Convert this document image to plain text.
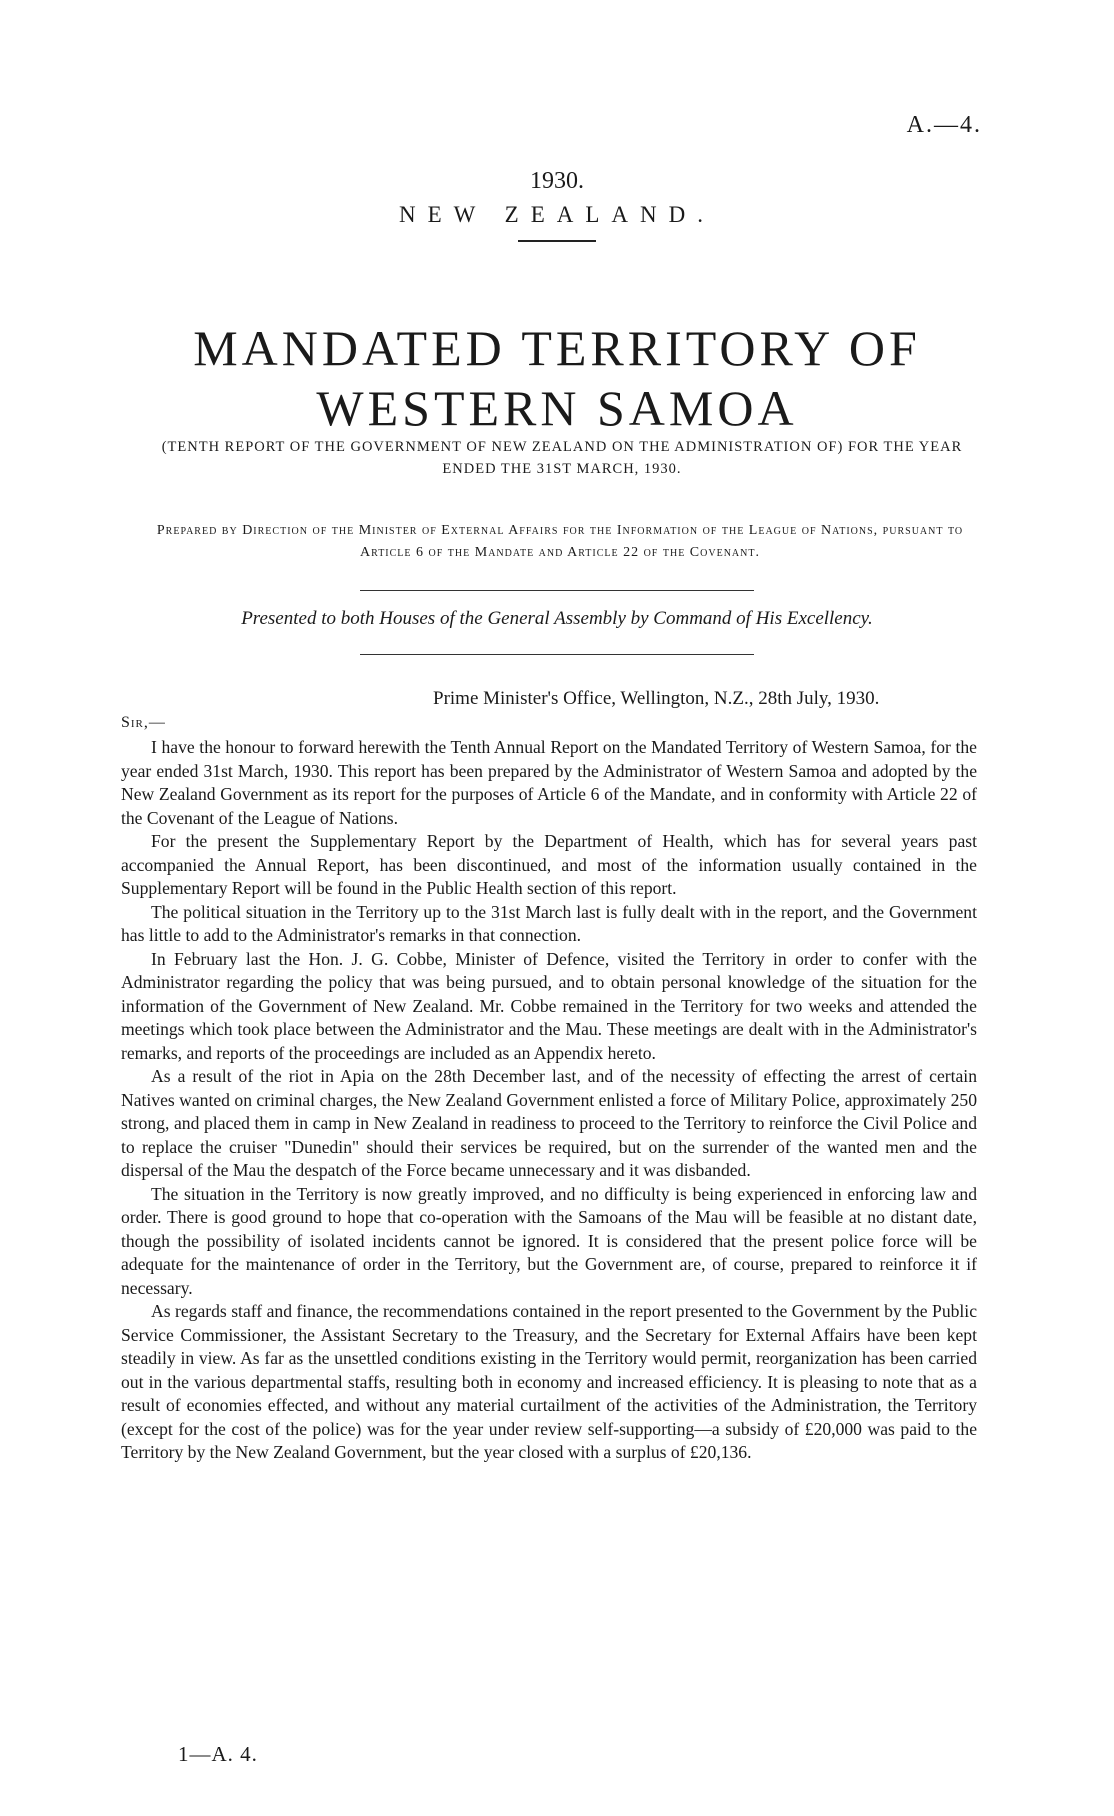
A.—4.
1930.
NEW ZEALAND.
MANDATED TERRITORY OF
WESTERN SAMOA
(TENTH REPORT OF THE GOVERNMENT OF NEW ZEALAND ON THE ADMINISTRATION OF) FOR THE YEAR ENDED THE 31ST MARCH, 1930.
Prepared by Direction of the Minister of External Affairs for the Information of the League of Nations, pursuant to Article 6 of the Mandate and Article 22 of the Covenant.
Presented to both Houses of the General Assembly by Command of His Excellency.
Prime Minister's Office, Wellington, N.Z., 28th July, 1930.
Sir,—

I have the honour to forward herewith the Tenth Annual Report on the Mandated Territory of Western Samoa, for the year ended 31st March, 1930. This report has been prepared by the Administrator of Western Samoa and adopted by the New Zealand Government as its report for the purposes of Article 6 of the Mandate, and in conformity with Article 22 of the Covenant of the League of Nations.

For the present the Supplementary Report by the Department of Health, which has for several years past accompanied the Annual Report, has been discontinued, and most of the information usually contained in the Supplementary Report will be found in the Public Health section of this report.

The political situation in the Territory up to the 31st March last is fully dealt with in the report, and the Government has little to add to the Administrator's remarks in that connection.

In February last the Hon. J. G. Cobbe, Minister of Defence, visited the Territory in order to confer with the Administrator regarding the policy that was being pursued, and to obtain personal knowledge of the situation for the information of the Government of New Zealand. Mr. Cobbe remained in the Territory for two weeks and attended the meetings which took place between the Administrator and the Mau. These meetings are dealt with in the Administrator's remarks, and reports of the proceedings are included as an Appendix hereto.

As a result of the riot in Apia on the 28th December last, and of the necessity of effecting the arrest of certain Natives wanted on criminal charges, the New Zealand Government enlisted a force of Military Police, approximately 250 strong, and placed them in camp in New Zealand in readiness to proceed to the Territory to reinforce the Civil Police and to replace the cruiser "Dunedin" should their services be required, but on the surrender of the wanted men and the dispersal of the Mau the despatch of the Force became unnecessary and it was disbanded.

The situation in the Territory is now greatly improved, and no difficulty is being experienced in enforcing law and order. There is good ground to hope that co-operation with the Samoans of the Mau will be feasible at no distant date, though the possibility of isolated incidents cannot be ignored. It is considered that the present police force will be adequate for the maintenance of order in the Territory, but the Government are, of course, prepared to reinforce it if necessary.

As regards staff and finance, the recommendations contained in the report presented to the Government by the Public Service Commissioner, the Assistant Secretary to the Treasury, and the Secretary for External Affairs have been kept steadily in view. As far as the unsettled conditions existing in the Territory would permit, reorganization has been carried out in the various departmental staffs, resulting both in economy and increased efficiency. It is pleasing to note that as a result of economies effected, and without any material curtailment of the activities of the Administration, the Territory (except for the cost of the police) was for the year under review self-supporting—a subsidy of £20,000 was paid to the Territory by the New Zealand Government, but the year closed with a surplus of £20,136.

1—A. 4.
